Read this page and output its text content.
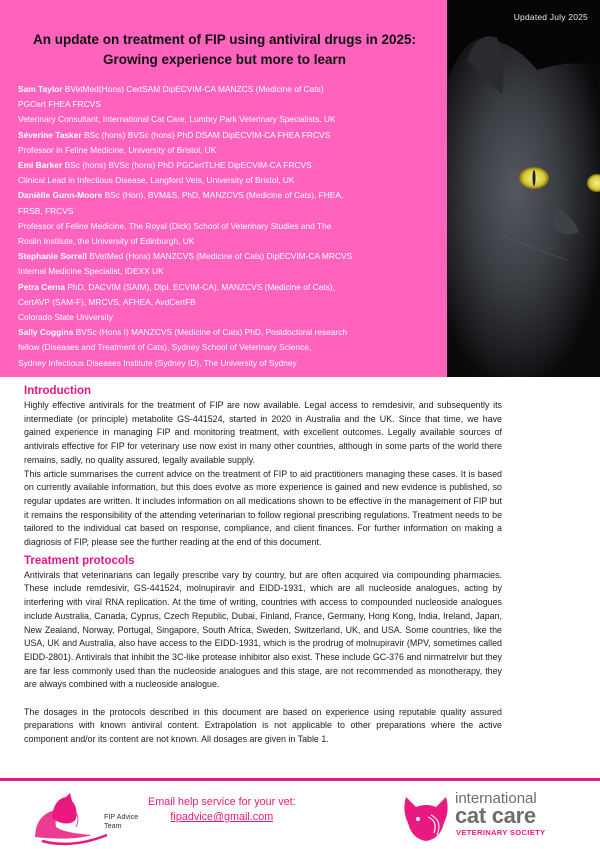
An update on treatment of FIP using antiviral drugs in 2025:
Growing experience but more to learn
Sam Taylor BVetMed(Hons) CertSAM DipECVIM-CA MANZCS (Medicine of Cats)
PGCert FHEA FRCVS
Veterinary Consultant, International Cat Care, Lumbry Park Veterinary Specialists, UK
Séverine Tasker BSc (hons) BVSc (hons) PhD DSAM DipECVIM-CA FHEA FRCVS
Professor in Feline Medicine, University of Bristol, UK
Emi Barker BSc (hons) BVSc (hons) PhD PGCertTLHE DipECVIM-CA FRCVS
Clinical Lead in Infectious Disease, Langford Vets, University of Bristol, UK
Danièlle Gunn-Moore BSc (Hon), BVM&S, PhD, MANZCVS (Medicine of Cats), FHEA,
FRSB, FRCVS
Professor of Feline Medicine, The Royal (Dick) School of Veterinary Studies and The
Roslin Institute, the University of Edinburgh, UK
Stephanie Sorrell BVetMed (Hons) MANZCVS (Medicine of Cats) DipECVIM-CA MRCVS
Internal Medicine Specialist, IDEXX UK
Petra Cerna PhD, DACVIM (SAIM), Dipl. ECVIM-CA), MANZCVS (Medicine of Cats),
CertAVP (SAM-F), MRCVS, AFHEA, AvdCertFB
Colorado State University
Sally Coggins BVSc (Hons I) MANZCVS (Medicine of Cats) PhD, Postdoctoral research
fellow (Diseases and Treatment of Cats), Sydney School of Veterinary Science,
Sydney Infectious Diseases Institute (Sydney ID), The University of Sydney
Updated July 2025
Introduction

Highly effective antivirals for the treatment of FIP are now available. Legal access to remdesivir, and subsequently its intermediate (or principle) metabolite GS-441524, started in 2020 in Australia and the UK. Since that time, we have gained experience in managing FIP and monitoring treatment, with excellent outcomes. Legally available sources of antivirals effective for FIP for veterinary use now exist in many other countries, although in some parts of the world there remains, sadly, no quality assured, legally available supply.

This article summarises the current advice on the treatment of FIP to aid practitioners managing these cases. It is based on currently available information, but this does evolve as more experience is gained and new evidence is published, so regular updates are written. It includes information on all medications shown to be effective in the management of FIP but it remains the responsibility of the attending veterinarian to follow regional prescribing regulations. Treatment needs to be tailored to the individual cat based on response, compliance, and client finances. For further information on making a diagnosis of FIP, please see the further reading at the end of this document.

Treatment protocols

Antivirals that veterinarians can legally prescribe vary by country, but are often acquired via compounding pharmacies. These include remdesivir, GS-441524, molnupiravir and EIDD-1931, which are all nucleoside analogues, acting by interfering with viral RNA replication. At the time of writing, countries with access to compounded nucleoside analogues include Australia, Canada, Cyprus, Czech Republic, Dubai, Finland, France, Germany, Hong Kong, India, Ireland, Japan, New Zealand, Norway, Portugal, Singapore, South Africa, Sweden, Switzerland, UK, and USA. Some countries, like the USA, UK and Australia, also have access to the EIDD-1931, which is the prodrug of molnupiravir (MPV, sometimes called EIDD-2801). Antivirals that inhibit the 3C-like protease inhibitor also exist. These include GC-376 and nirmatrelvir but they are far less commonly used than the nucleoside analogues and this stage, are not recommended as monotherapy, they are always combined with a nucleoside analogue.

The dosages in the protocols described in this document are based on experience using reputable quality assured preparations with known antiviral content. Extrapolation is not applicable to other preparations where the active component and/or its content are not known. All dosages are given in Table 1.

FIP Advice Team
Email help service for your vet:
fipadvice@gmail.com
international
cat care
VETERINARY SOCIETY
